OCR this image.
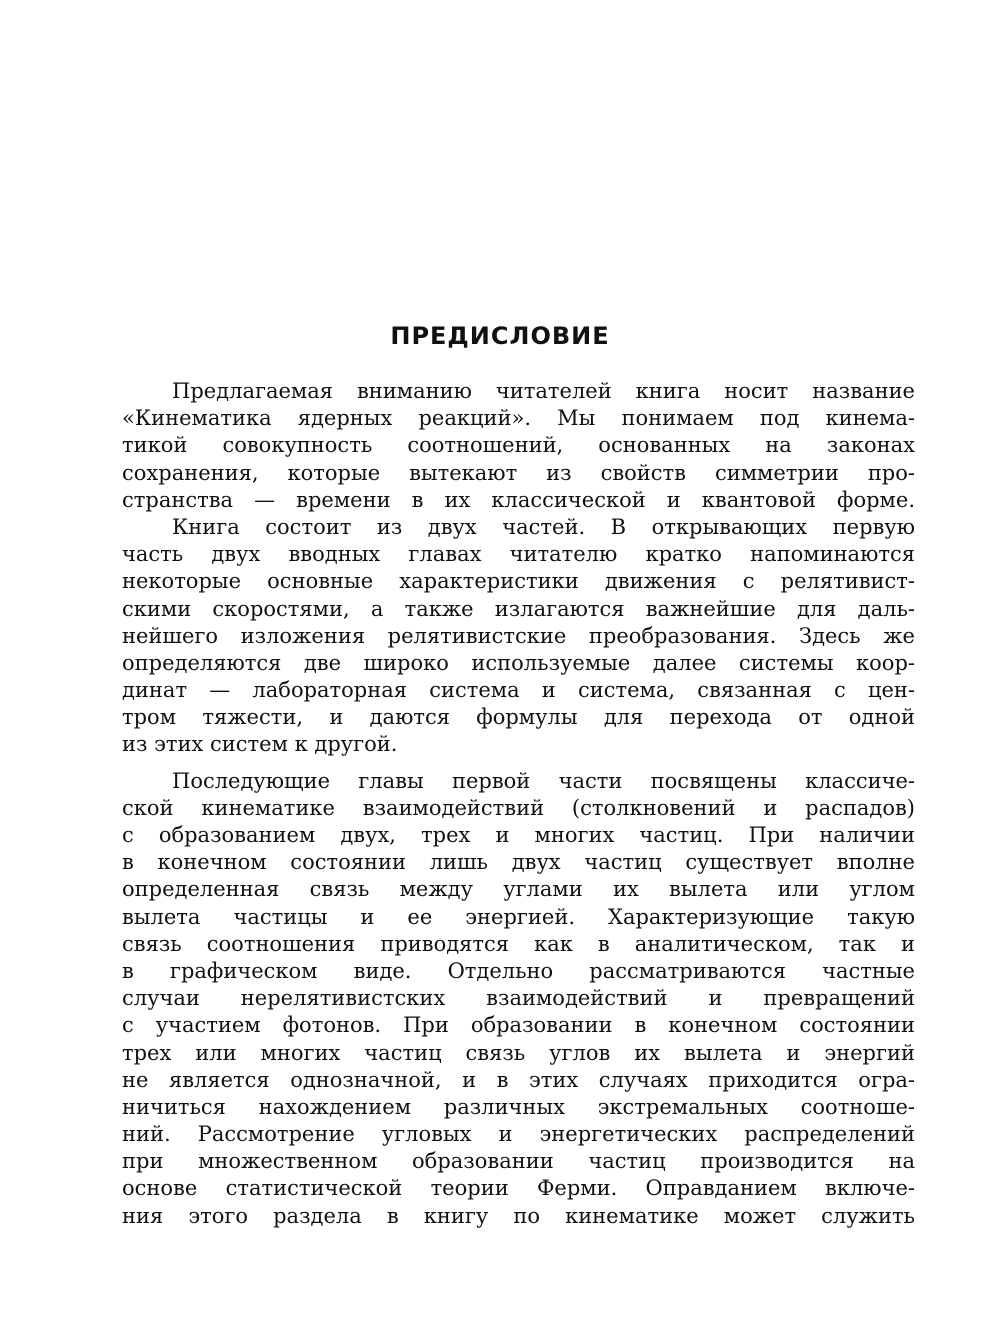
ПРЕДИСЛОВИЕ
Предлагаемая вниманию читателей книга носит название
«Кинематика ядерных реакций». Мы понимаем под кинема-
тикой совокупность соотношений, основанных на законах
сохранения, которые вытекают из свойств симметрии про-
странства — времени в их классической и квантовой форме.
Книга состоит из двух частей. В открывающих первую
часть двух вводных главах читателю кратко напоминаются
некоторые основные характеристики движения с релятивист-
скими скоростями, а также излагаются важнейшие для даль-
нейшего изложения релятивистские преобразования. Здесь же
определяются две широко используемые далее системы коор-
динат — лабораторная система и система, связанная с цен-
тром тяжести, и даются формулы для перехода от одной
из этих систем к другой.
Последующие главы первой части посвящены классиче-
ской кинематике взаимодействий (столкновений и распадов)
с образованием двух, трех и многих частиц. При наличии
в конечном состоянии лишь двух частиц существует вполне
определенная связь между углами их вылета или углом
вылета частицы и ее энергией. Характеризующие такую
связь соотношения приводятся как в аналитическом, так и
в графическом виде. Отдельно рассматриваются частные
случаи нерелятивистских взаимодействий и превращений
с участием фотонов. При образовании в конечном состоянии
трех или многих частиц связь углов их вылета и энергий
не является однозначной, и в этих случаях приходится огра-
ничиться нахождением различных экстремальных соотноше-
ний. Рассмотрение угловых и энергетических распределений
при множественном образовании частиц производится на
основе статистической теории Ферми. Оправданием включе-
ния этого раздела в книгу по кинематике может служить
